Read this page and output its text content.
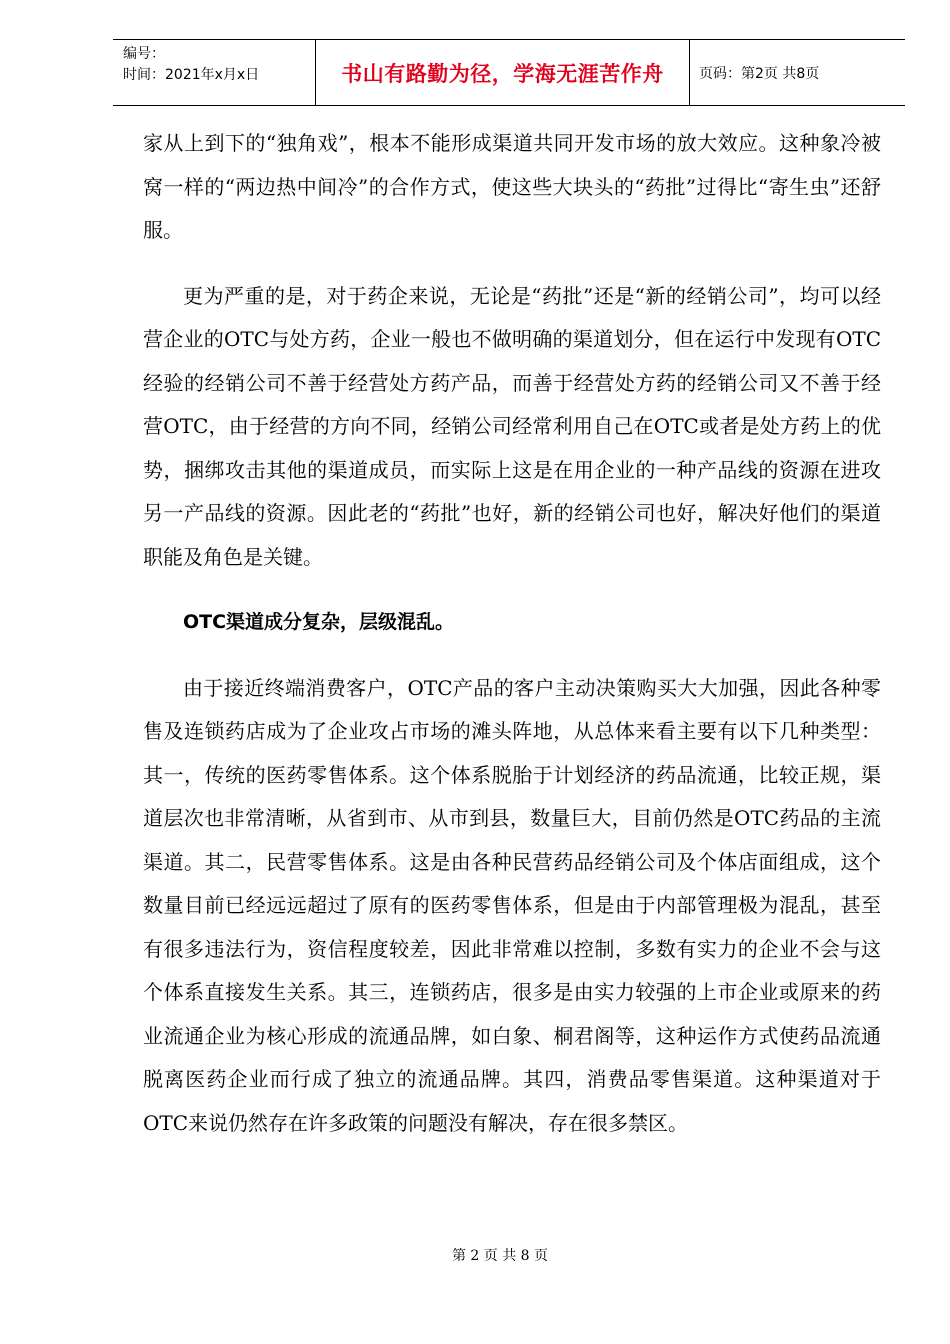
编号：
时间：2021年x月x日	书山有路勤为径，学海无涯苦作舟	页码：第2页 共8页

家从上到下的“独角戏”，根本不能形成渠道共同开发市场的放大效应。这种象冷被窝一样的“两边热中间冷”的合作方式，使这些大块头的“药批”过得比“寄生虫”还舒服。

更为严重的是，对于药企来说，无论是“药批”还是“新的经销公司”，均可以经营企业的OTC与处方药，企业一般也不做明确的渠道划分，但在运行中发现有OTC经验的经销公司不善于经营处方药产品，而善于经营处方药的经销公司又不善于经营OTC，由于经营的方向不同，经销公司经常利用自己在OTC或者是处方药上的优势，捆绑攻击其他的渠道成员，而实际上这是在用企业的一种产品线的资源在进攻另一产品线的资源。因此老的“药批”也好，新的经销公司也好，解决好他们的渠道职能及角色是关键。

OTC渠道成分复杂，层级混乱。

由于接近终端消费客户，OTC产品的客户主动决策购买大大加强，因此各种零售及连锁药店成为了企业攻占市场的滩头阵地，从总体来看主要有以下几种类型：其一，传统的医药零售体系。这个体系脱胎于计划经济的药品流通，比较正规，渠道层次也非常清晰，从省到市、从市到县，数量巨大，目前仍然是OTC药品的主流渠道。其二，民营零售体系。这是由各种民营药品经销公司及个体店面组成，这个数量目前已经远远超过了原有的医药零售体系，但是由于内部管理极为混乱，甚至有很多违法行为，资信程度较差，因此非常难以控制，多数有实力的企业不会与这个体系直接发生关系。其三，连锁药店，很多是由实力较强的上市企业或原来的药业流通企业为核心形成的流通品牌，如白象、桐君阁等，这种运作方式使药品流通脱离医药企业而行成了独立的流通品牌。其四，消费品零售渠道。这种渠道对于OTC来说仍然存在许多政策的问题没有解决，存在很多禁区。

第 2 页 共 8 页
